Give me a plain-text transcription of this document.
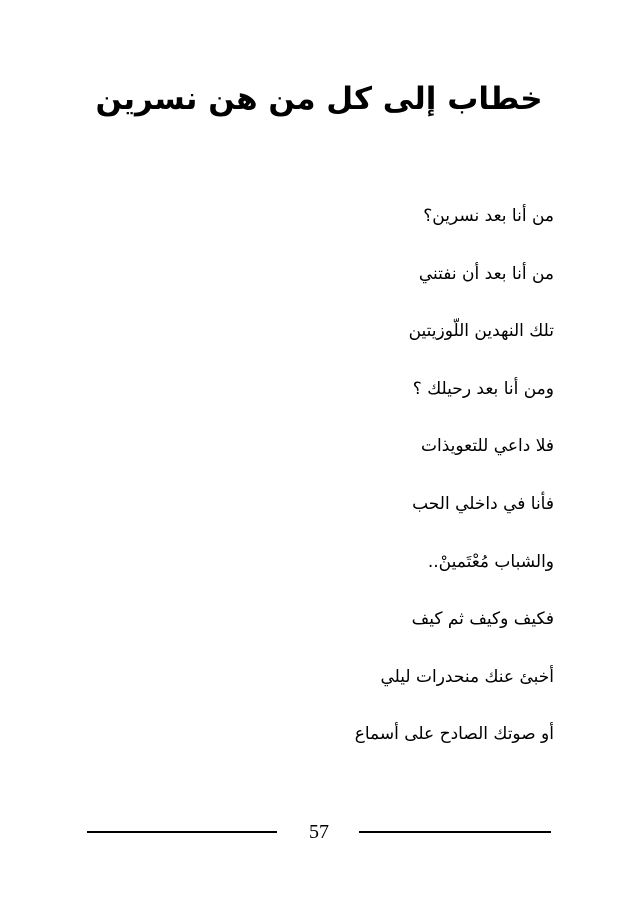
خطاب إلى كل من هن نسرين
من أنا بعد نسرين؟
من أنا بعد أن نفتني
تلك النهدين اللّوزيتين
ومن أنا بعد رحيلك ؟
فلا داعي للتعويذات
فأنا في داخلي الحب
والشباب مُعْتَمينْ..
فكيف وكيف ثم كيف
أخبئ عنك منحدرات ليلي
أو صوتك الصادح على أسماع
57
